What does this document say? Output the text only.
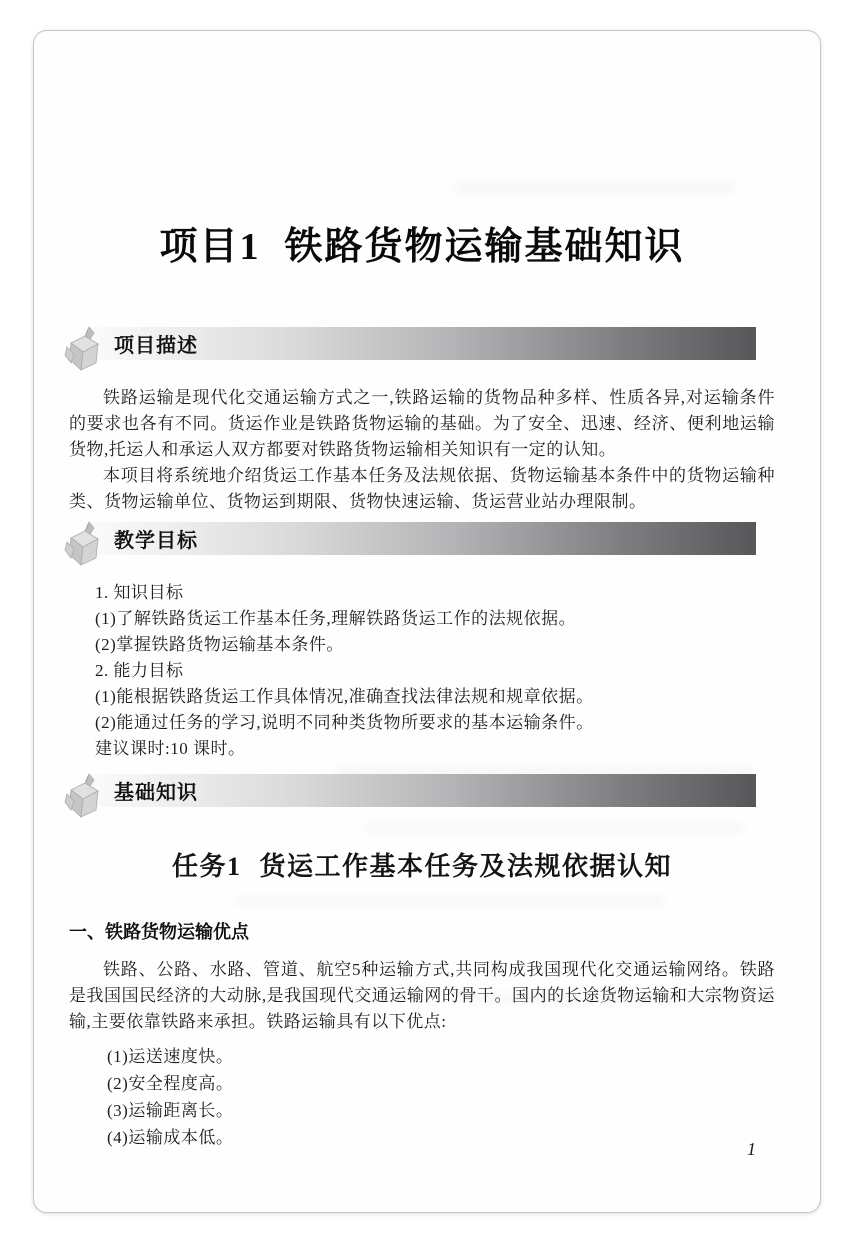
项目1 铁路货物运输基础知识
项目描述

铁路运输是现代化交通运输方式之一,铁路运输的货物品种多样、性质各异,对运输条件的要求也各有不同。货运作业是铁路货物运输的基础。为了安全、迅速、经济、便利地运输货物,托运人和承运人双方都要对铁路货物运输相关知识有一定的认知。

本项目将系统地介绍货运工作基本任务及法规依据、货物运输基本条件中的货物运输种类、货物运输单位、货物运到期限、货物快速运输、货运营业站办理限制。

教学目标
1. 知识目标
(1)了解铁路货运工作基本任务,理解铁路货运工作的法规依据。
(2)掌握铁路货物运输基本条件。
2. 能力目标
(1)能根据铁路货运工作具体情况,准确查找法律法规和规章依据。
(2)能通过任务的学习,说明不同种类货物所要求的基本运输条件。
建议课时:10 课时。
基础知识
任务1 货运工作基本任务及法规依据认知
一、铁路货物运输优点

铁路、公路、水路、管道、航空5种运输方式,共同构成我国现代化交通运输网络。铁路是我国国民经济的大动脉,是我国现代交通运输网的骨干。国内的长途货物运输和大宗物资运输,主要依靠铁路来承担。铁路运输具有以下优点:

(1)运送速度快。
(2)安全程度高。
(3)运输距离长。
(4)运输成本低。
1
